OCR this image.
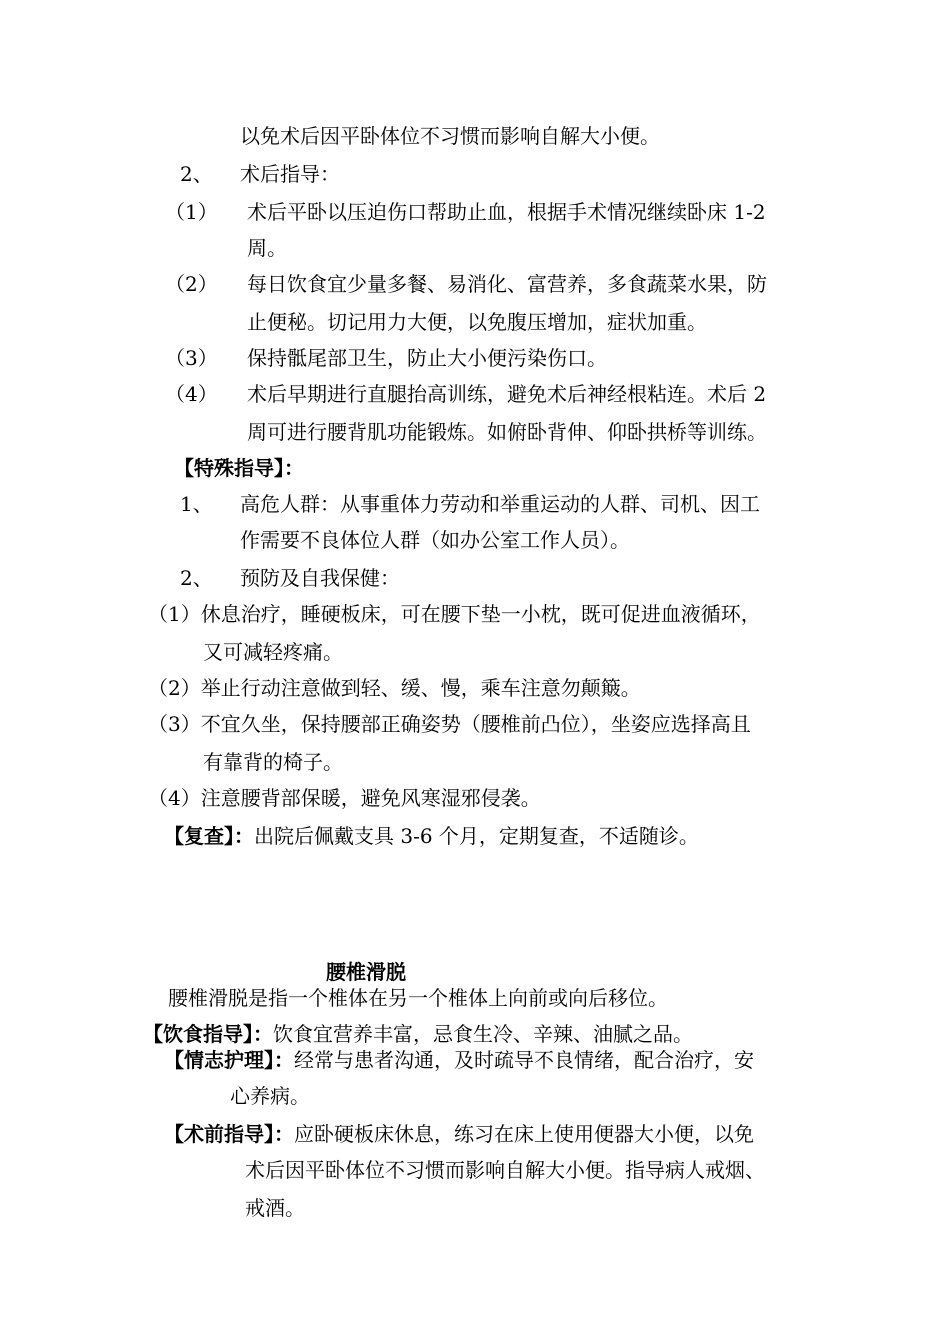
以免术后因平卧体位不习惯而影响自解大小便。
2、 术后指导：
（1） 术后平卧以压迫伤口帮助止血，根据手术情况继续卧床 1-2
周。
（2） 每日饮食宜少量多餐、易消化、富营养，多食蔬菜水果，防
止便秘。切记用力大便，以免腹压增加，症状加重。
（3） 保持骶尾部卫生，防止大小便污染伤口。
（4） 术后早期进行直腿抬高训练，避免术后神经根粘连。术后 2
周可进行腰背肌功能锻炼。如俯卧背伸、仰卧拱桥等训练。
【特殊指导】：
1、 高危人群：从事重体力劳动和举重运动的人群、司机、因工
作需要不良体位人群（如办公室工作人员）。
2、 预防及自我保健：
（1）休息治疗，睡硬板床，可在腰下垫一小枕，既可促进血液循环，
又可减轻疼痛。
（2）举止行动注意做到轻、缓、慢，乘车注意勿颠簸。
（3）不宜久坐，保持腰部正确姿势（腰椎前凸位），坐姿应选择高且
有靠背的椅子。
（4）注意腰背部保暖，避免风寒湿邪侵袭。
【复查】：出院后佩戴支具 3-6 个月，定期复查，不适随诊。
腰椎滑脱
腰椎滑脱是指一个椎体在另一个椎体上向前或向后移位。
【饮食指导】：饮食宜营养丰富，忌食生冷、辛辣、油腻之品。
【情志护理】：经常与患者沟通，及时疏导不良情绪，配合治疗，安
心养病。
【术前指导】：应卧硬板床休息，练习在床上使用便器大小便，以免
术后因平卧体位不习惯而影响自解大小便。指导病人戒烟、
戒酒。
